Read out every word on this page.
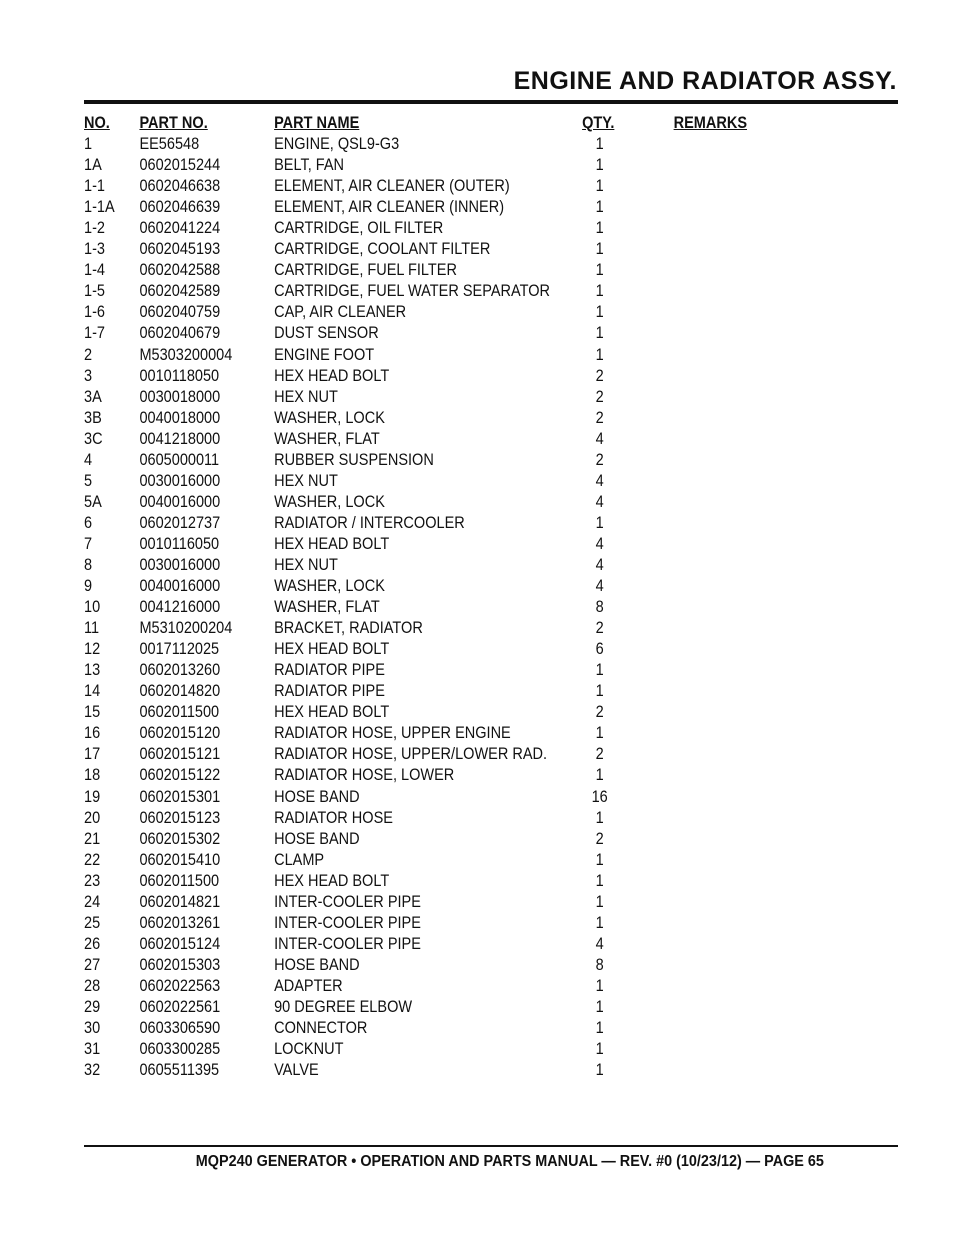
ENGINE AND RADIATOR ASSY.
NO.	PART NO.	PART NAME	QTY.	REMARKS
1	EE56548	ENGINE, QSL9-G3	1
1A	0602015244	BELT, FAN	1
1-1	0602046638	ELEMENT, AIR CLEANER (OUTER)	1
1-1A	0602046639	ELEMENT, AIR CLEANER (INNER)	1
1-2	0602041224	CARTRIDGE, OIL FILTER	1
1-3	0602045193	CARTRIDGE, COOLANT FILTER	1
1-4	0602042588	CARTRIDGE, FUEL FILTER	1
1-5	0602042589	CARTRIDGE, FUEL WATER SEPARATOR	1
1-6	0602040759	CAP, AIR CLEANER	1
1-7	0602040679	DUST SENSOR	1
2	M5303200004	ENGINE FOOT	1
3	0010118050	HEX HEAD BOLT	2
3A	0030018000	HEX NUT	2
3B	0040018000	WASHER, LOCK	2
3C	0041218000	WASHER, FLAT	4
4	0605000011	RUBBER SUSPENSION	2
5	0030016000	HEX NUT	4
5A	0040016000	WASHER, LOCK	4
6	0602012737	RADIATOR / INTERCOOLER	1
7	0010116050	HEX HEAD BOLT	4
8	0030016000	HEX NUT	4
9	0040016000	WASHER, LOCK	4
10	0041216000	WASHER, FLAT	8
11	M5310200204	BRACKET, RADIATOR	2
12	0017112025	HEX HEAD BOLT	6
13	0602013260	RADIATOR PIPE	1
14	0602014820	RADIATOR PIPE	1
15	0602011500	HEX HEAD BOLT	2
16	0602015120	RADIATOR HOSE, UPPER ENGINE	1
17	0602015121	RADIATOR HOSE, UPPER/LOWER RAD.	2
18	0602015122	RADIATOR HOSE, LOWER	1
19	0602015301	HOSE BAND	16
20	0602015123	RADIATOR HOSE	1
21	0602015302	HOSE BAND	2
22	0602015410	CLAMP	1
23	0602011500	HEX HEAD BOLT	1
24	0602014821	INTER-COOLER PIPE	1
25	0602013261	INTER-COOLER PIPE	1
26	0602015124	INTER-COOLER PIPE	4
27	0602015303	HOSE BAND	8
28	0602022563	ADAPTER	1
29	0602022561	90 DEGREE ELBOW	1
30	0603306590	CONNECTOR	1
31	0603300285	LOCKNUT	1
32	0605511395	VALVE	1
MQP240 GENERATOR • OPERATION AND PARTS MANUAL — REV. #0 (10/23/12) — PAGE 65
